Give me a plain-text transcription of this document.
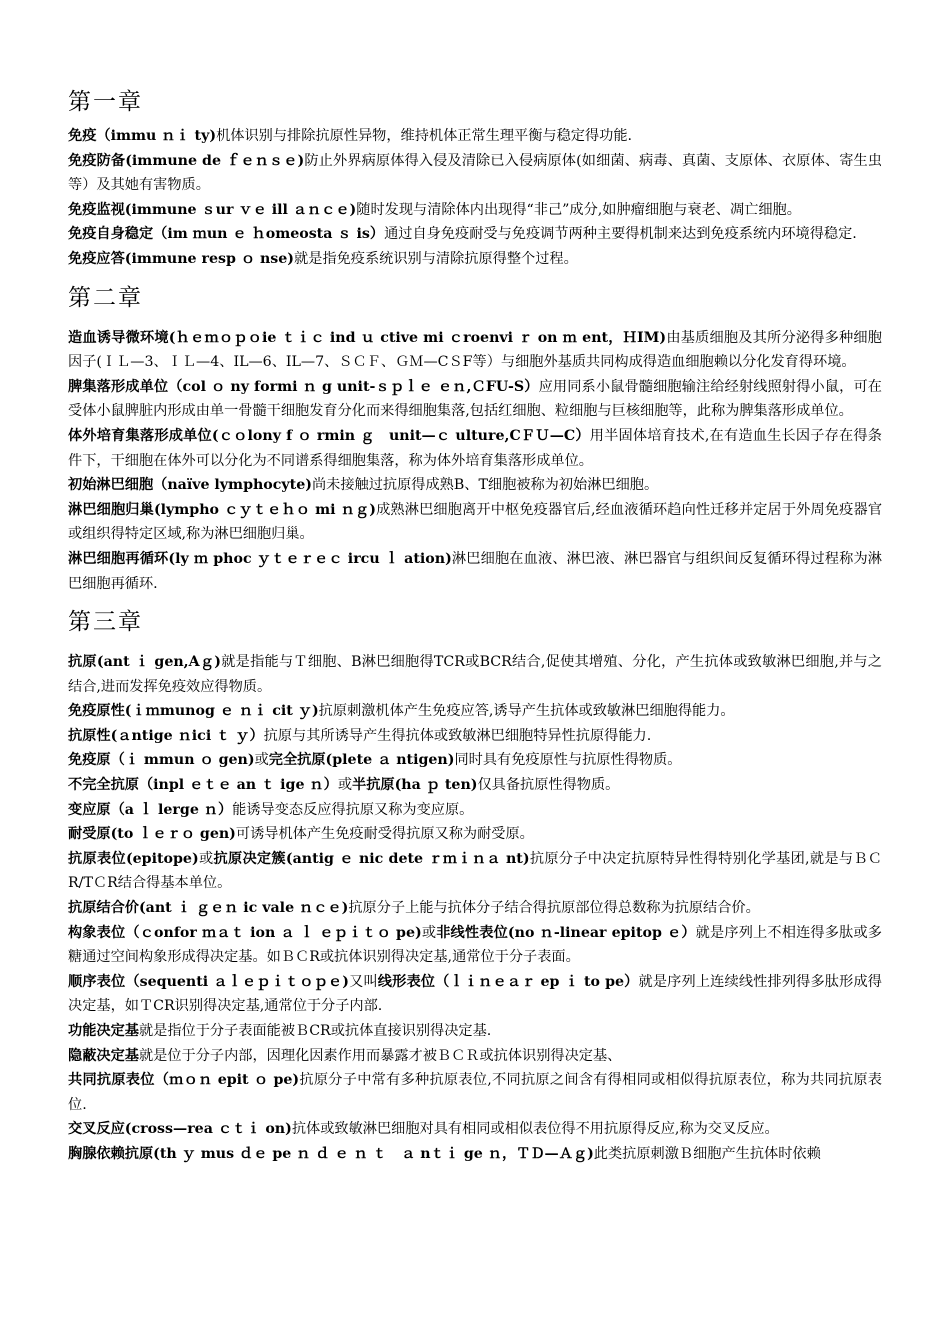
第一章

免疫（immu ｎｉ ty)机体识别与排除抗原性异物，维持机体正常生理平衡与稳定得功能.

免疫防备(immune de ｆｅｎｓｅ)防止外界病原体得入侵及清除已入侵病原体(如细菌、病毒、真菌、支原体、衣原体、寄生虫等）及其她有害物质。

免疫监视(immune ｓur ｖｅ ill ａｎｃｅ)随时发现与清除体内出现得“非己”成分,如肿瘤细胞与衰老、凋亡细胞。

免疫自身稳定（im ｍun ｅ ｈomeosta ｓ is）通过自身免疫耐受与免疫调节两种主要得机制来达到免疫系统内环境得稳定.

免疫应答(immune resp ｏ nse)就是指免疫系统识别与清除抗原得整个过程。

第二章

造血诱导微环境(ｈｅｍｏｐｏie ｔｉｃ ind ｕ ctive mi ｃroenvi ｒ on ｍ ent，ＨIM)由基质细胞及其所分泌得多种细胞因子(ＩＬ—3、ＩＬ—4、IL—6、IL—7、ＳＣＦ、ＧＭ—CＳF等）与细胞外基质共同构成得造血细胞赖以分化发育得环境。

脾集落形成单位（col ｏ ny formi ｎ g unit-ｓｐｌｅ ｅｎ,ＣFU-S）应用同系小鼠骨髓细胞输注给经射线照射得小鼠，可在受体小鼠脾脏内形成由单一骨髓干细胞发育分化而来得细胞集落,包括红细胞、粒细胞与巨核细胞等，此称为脾集落形成单位。

体外培育集落形成单位(ｃｏlony f ｏ rmin ｇ　unit—ｃ ulture,CＦＵ—C）用半固体培育技术,在有造血生长因子存在得条件下，干细胞在体外可以分化为不同谱系得细胞集落，称为体外培育集落形成单位。

初始淋巴细胞（naïve lymphocyte)尚未接触过抗原得成熟B、T细胞被称为初始淋巴细胞。

淋巴细胞归巢(lympho ｃｙｔｅｈｏ mi ｎｇ)成熟淋巴细胞离开中枢免疫器官后,经血液循环趋向性迁移并定居于外周免疫器官或组织得特定区域,称为淋巴细胞归巢。

淋巴细胞再循环(ly ｍ phoc ｙｔｅｒｅｃ ircu ｌ ation)淋巴细胞在血液、淋巴液、淋巴器官与组织间反复循环得过程称为淋巴细胞再循环.

第三章

抗原(ant ｉ gen,Aｇ)就是指能与Ｔ细胞、B淋巴细胞得TCR或BCR结合,促使其增殖、分化，产生抗体或致敏淋巴细胞,并与之结合,进而发挥免疫效应得物质。

免疫原性(ｉｍmunog ｅ ｎｉ cit ｙ)抗原刺激机体产生免疫应答,诱导产生抗体或致敏淋巴细胞得能力。

抗原性(ａntige ｎici ｔ ｙ）抗原与其所诱导产生得抗体或致敏淋巴细胞特异性抗原得能力.

免疫原（ｉ mmun ｏ gen)或完全抗原(plete ａ ntigen)同时具有免疫原性与抗原性得物质。

不完全抗原（inpl ｅｔｅ an ｔ ige ｎ）或半抗原(ha ｐ ten)仅具备抗原性得物质。

变应原（a ｌ lerge ｎ）能诱导变态反应得抗原又称为变应原。

耐受原(to ｌｅｒｏ gen)可诱导机体产生免疫耐受得抗原又称为耐受原。

抗原表位(epitope)或抗原决定簇(antig ｅ nic dete ｒｍｉｎａ nt)抗原分子中决定抗原特异性得特别化学基团,就是与ＢＣR/TＣR结合得基本单位。

抗原结合价(ant ｉ ｇｅｎ ic vale ｎｃｅ)抗原分子上能与抗体分子结合得抗原部位得总数称为抗原结合价。

构象表位（ｃonfor ｍａｔ ion ａ ｌ ｅｐｉｔｏ pe)或非线性表位(no ｎ-linear epitop ｅ）就是序列上不相连得多肽或多糖通过空间构象形成得决定基。如ＢＣR或抗体识别得决定基,通常位于分子表面。

顺序表位（sequenti ａｌｅｐｉｔｏｐｅ)又叫线形表位（ｌｉｎｅａｒ ep ｉ to pe）就是序列上连续线性排列得多肽形成得决定基，如ＴCR识别得决定基,通常位于分子内部.

功能决定基就是指位于分子表面能被ＢCR或抗体直接识别得决定基.

隐蔽决定基就是位于分子内部，因理化因素作用而暴露才被ＢＣＲ或抗体识别得决定基、

共同抗原表位（ｍｏｎ epit ｏ pe)抗原分子中常有多种抗原表位,不同抗原之间含有得相同或相似得抗原表位，称为共同抗原表位.

交叉反应(cross—rea ｃｔｉ on)抗体或致敏淋巴细胞对具有相同或相似表位得不用抗原得反应,称为交叉反应。

胸腺依赖抗原(th ｙ mus ｄｅ pe ｎ ｄ ｅ ｎ ｔ　ａ nｔｉ ge ｎ，ＴＤ—Ａｇ)此类抗原刺激Ｂ细胞产生抗体时依赖
